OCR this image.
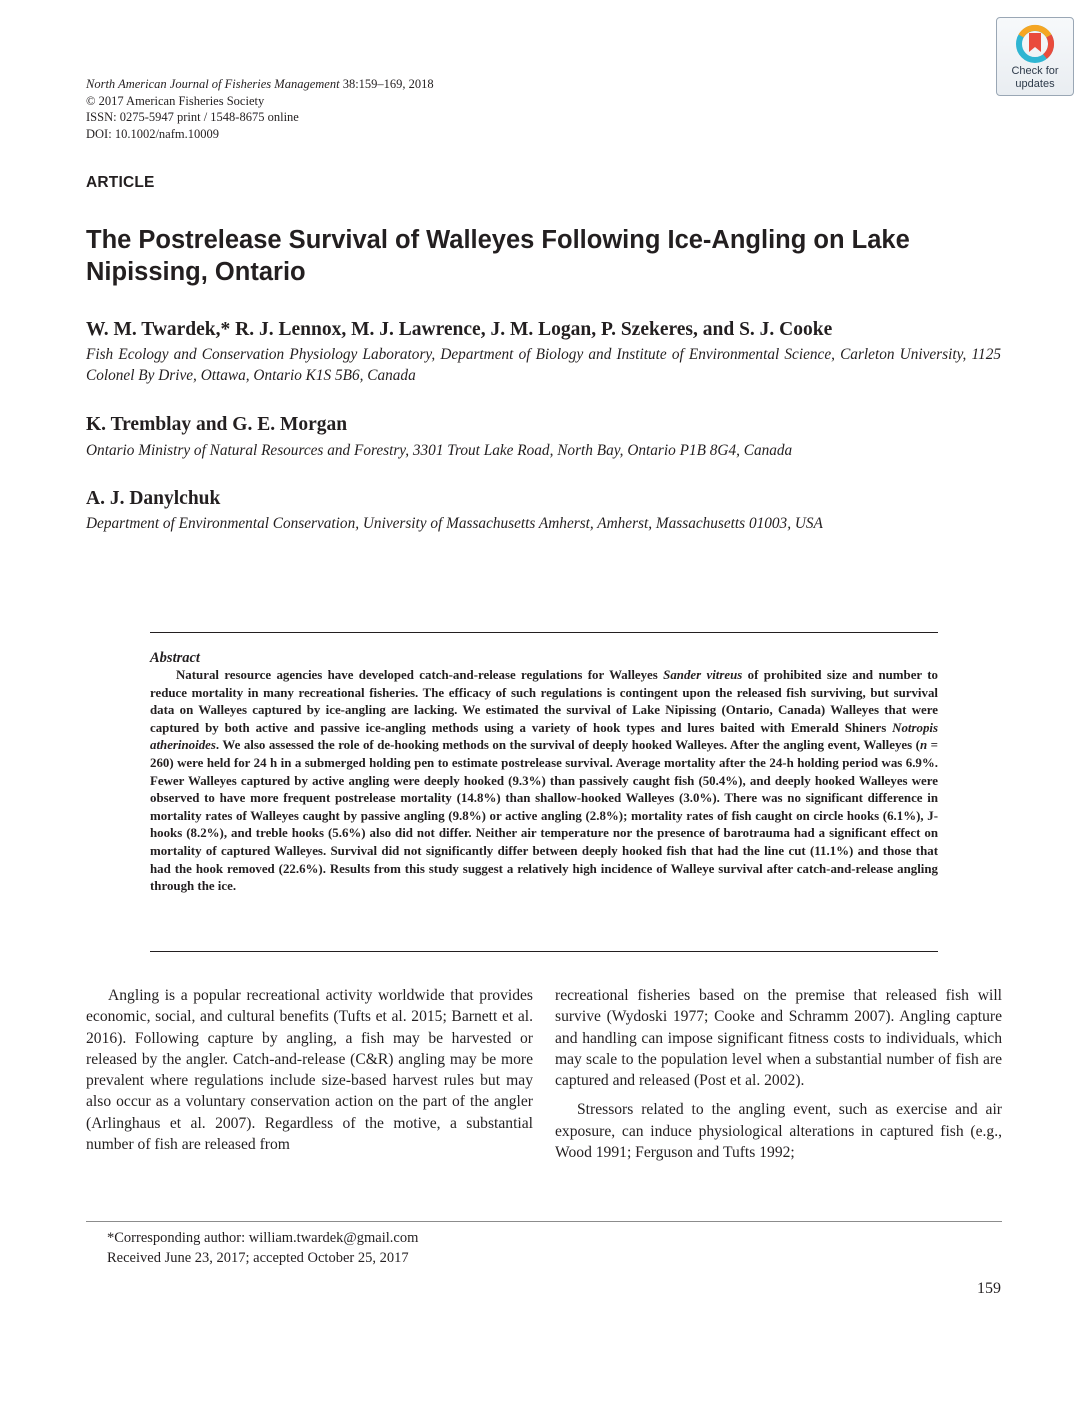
North American Journal of Fisheries Management 38:159–169, 2018
© 2017 American Fisheries Society
ISSN: 0275-5947 print / 1548-8675 online
DOI: 10.1002/nafm.10009
Check for
updates
ARTICLE
The Postrelease Survival of Walleyes Following Ice-Angling on Lake Nipissing, Ontario
W. M. Twardek,* R. J. Lennox, M. J. Lawrence, J. M. Logan, P. Szekeres, and S. J. Cooke
Fish Ecology and Conservation Physiology Laboratory, Department of Biology and Institute of Environmental Science, Carleton University, 1125 Colonel By Drive, Ottawa, Ontario K1S 5B6, Canada
K. Tremblay and G. E. Morgan
Ontario Ministry of Natural Resources and Forestry, 3301 Trout Lake Road, North Bay, Ontario P1B 8G4, Canada
A. J. Danylchuk
Department of Environmental Conservation, University of Massachusetts Amherst, Amherst, Massachusetts 01003, USA
Abstract

Natural resource agencies have developed catch-and-release regulations for Walleyes Sander vitreus of prohibited size and number to reduce mortality in many recreational fisheries. The efficacy of such regulations is contingent upon the released fish surviving, but survival data on Walleyes captured by ice-angling are lacking. We estimated the survival of Lake Nipissing (Ontario, Canada) Walleyes that were captured by both active and passive ice-angling methods using a variety of hook types and lures baited with Emerald Shiners Notropis atherinoides. We also assessed the role of de-hooking methods on the survival of deeply hooked Walleyes. After the angling event, Walleyes (n = 260) were held for 24 h in a submerged holding pen to estimate postrelease survival. Average mortality after the 24-h holding period was 6.9%. Fewer Walleyes captured by active angling were deeply hooked (9.3%) than passively caught fish (50.4%), and deeply hooked Walleyes were observed to have more frequent postrelease mortality (14.8%) than shallow-hooked Walleyes (3.0%). There was no significant difference in mortality rates of Walleyes caught by passive angling (9.8%) or active angling (2.8%); mortality rates of fish caught on circle hooks (6.1%), J-hooks (8.2%), and treble hooks (5.6%) also did not differ. Neither air temperature nor the presence of barotrauma had a significant effect on mortality of captured Walleyes. Survival did not significantly differ between deeply hooked fish that had the line cut (11.1%) and those that had the hook removed (22.6%). Results from this study suggest a relatively high incidence of Walleye survival after catch-and-release angling through the ice.

Angling is a popular recreational activity worldwide that provides economic, social, and cultural benefits (Tufts et al. 2015; Barnett et al. 2016). Following capture by angling, a fish may be harvested or released by the angler. Catch-and-release (C&R) angling may be more prevalent where regulations include size-based harvest rules but may also occur as a voluntary conservation action on the part of the angler (Arlinghaus et al. 2007). Regardless of the motive, a substantial number of fish are released from

recreational fisheries based on the premise that released fish will survive (Wydoski 1977; Cooke and Schramm 2007). Angling capture and handling can impose significant fitness costs to individuals, which may scale to the population level when a substantial number of fish are captured and released (Post et al. 2002).

Stressors related to the angling event, such as exercise and air exposure, can induce physiological alterations in captured fish (e.g., Wood 1991; Ferguson and Tufts 1992;

*Corresponding author: william.twardek@gmail.com
Received June 23, 2017; accepted October 25, 2017
159
